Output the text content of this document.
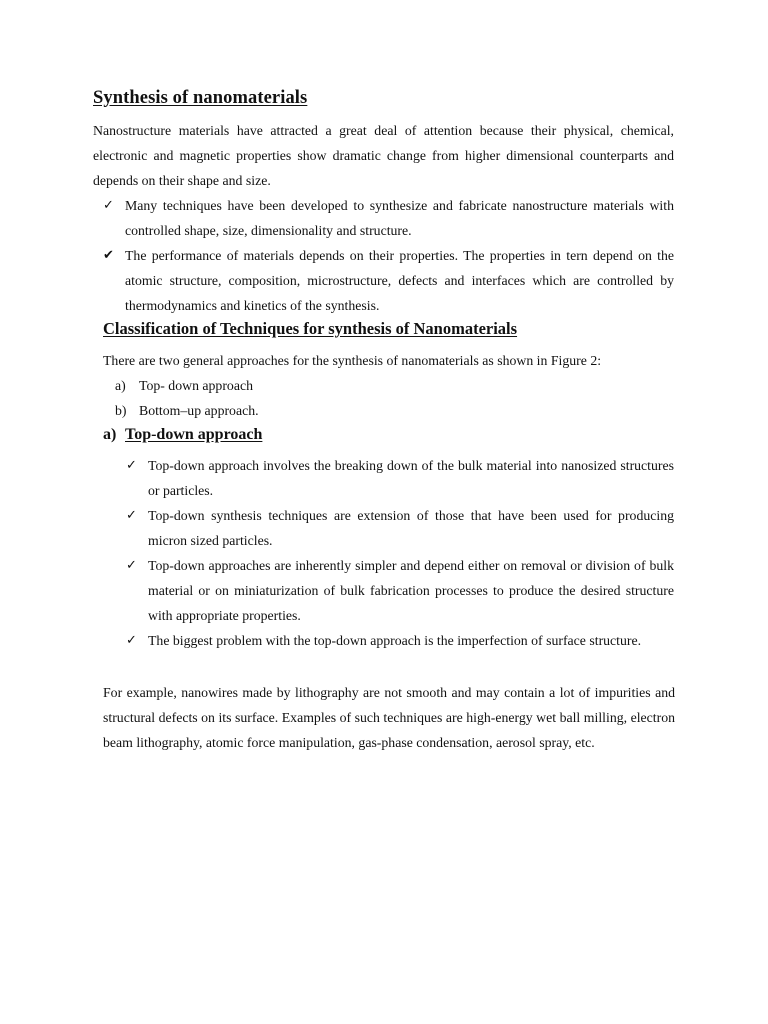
Synthesis of nanomaterials

Nanostructure materials have attracted a great deal of attention because their physical, chemical, electronic and magnetic properties show dramatic change from higher dimensional counterparts and depends on their shape and size.

✓ Many techniques have been developed to synthesize and fabricate nanostructure materials with controlled shape, size, dimensionality and structure.
✔ The performance of materials depends on their properties. The properties in tern depend on the atomic structure, composition, microstructure, defects and interfaces which are controlled by thermodynamics and kinetics of the synthesis.
Classification of Techniques for synthesis of Nanomaterials

There are two general approaches for the synthesis of nanomaterials as shown in Figure 2:

a) Top- down approach
b) Bottom–up approach.
a) Top-down approach
✓ Top-down approach involves the breaking down of the bulk material into nanosized structures or particles.
✓ Top-down synthesis techniques are extension of those that have been used for producing micron sized particles.
✓ Top-down approaches are inherently simpler and depend either on removal or division of bulk material or on miniaturization of bulk fabrication processes to produce the desired structure with appropriate properties.
✓ The biggest problem with the top-down approach is the imperfection of surface structure.

For example, nanowires made by lithography are not smooth and may contain a lot of impurities and structural defects on its surface. Examples of such techniques are high-energy wet ball milling, electron beam lithography, atomic force manipulation, gas-phase condensation, aerosol spray, etc.
